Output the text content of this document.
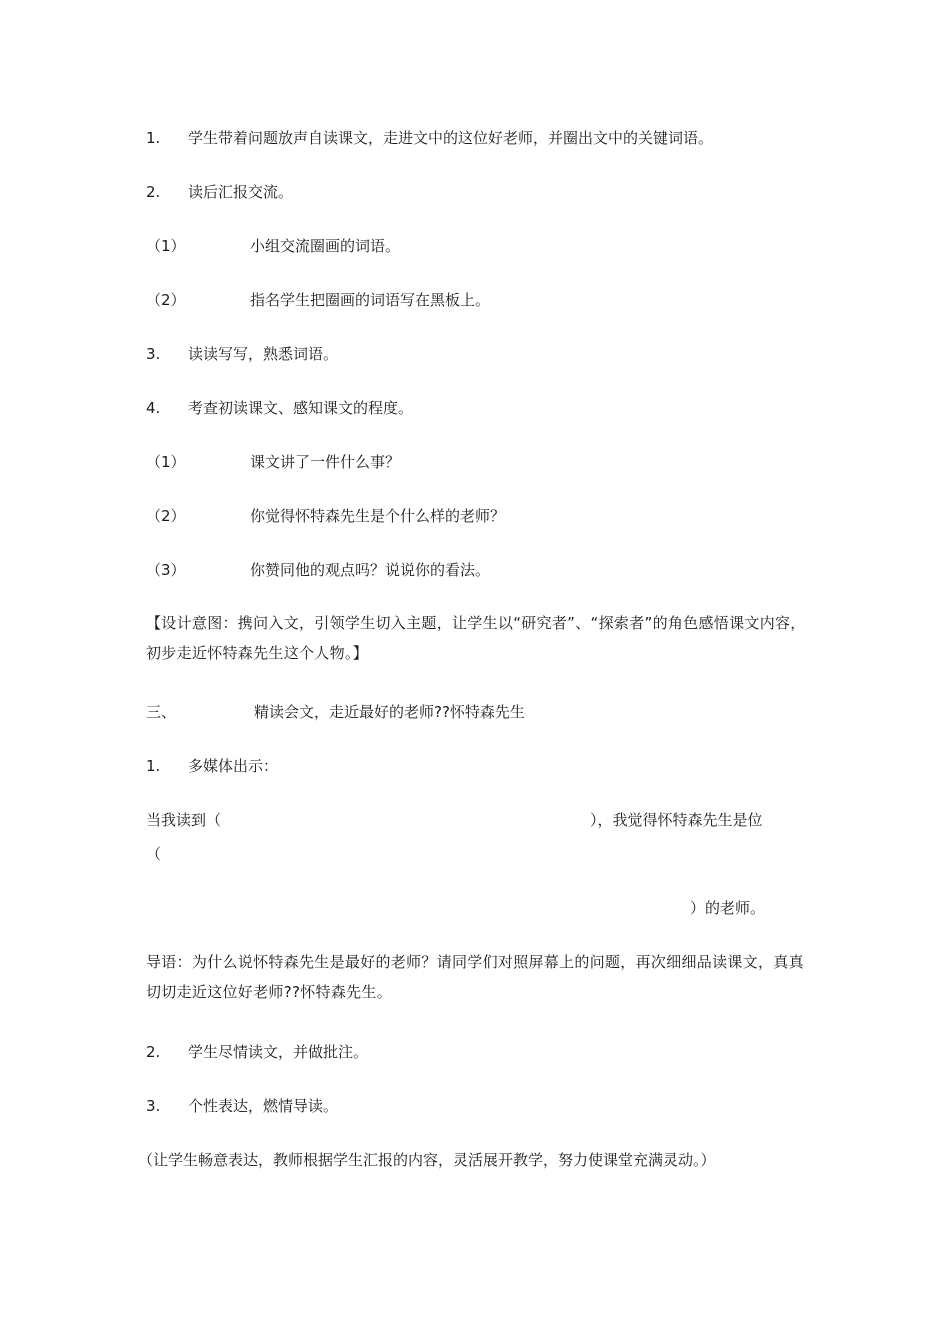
1. 学生带着问题放声自读课文，走进文中的这位好老师，并圈出文中的关键词语。
2. 读后汇报交流。
（1）	小组交流圈画的词语。
（2）	指名学生把圈画的词语写在黑板上。
3. 读读写写，熟悉词语。
4. 考查初读课文、感知课文的程度。
（1）	课文讲了一件什么事？
（2）	你觉得怀特森先生是个什么样的老师？
（3）	你赞同他的观点吗？说说你的看法。
【设计意图：携问入文，引领学生切入主题，让学生以“研究者”、“探索者”的角色感悟课文内容，初步走近怀特森先生这个人物。】
三、	精读会文，走近最好的老师??怀特森先生
1. 多媒体出示：
当我读到（	），我觉得怀特森先生是位
（
）的老师。
导语：为什么说怀特森先生是最好的老师？请同学们对照屏幕上的问题，再次细细品读课文，真真切切走近这位好老师??怀特森先生。
2. 学生尽情读文，并做批注。
3. 个性表达，燃情导读。
（让学生畅意表达，教师根据学生汇报的内容，灵活展开教学，努力使课堂充满灵动。）
